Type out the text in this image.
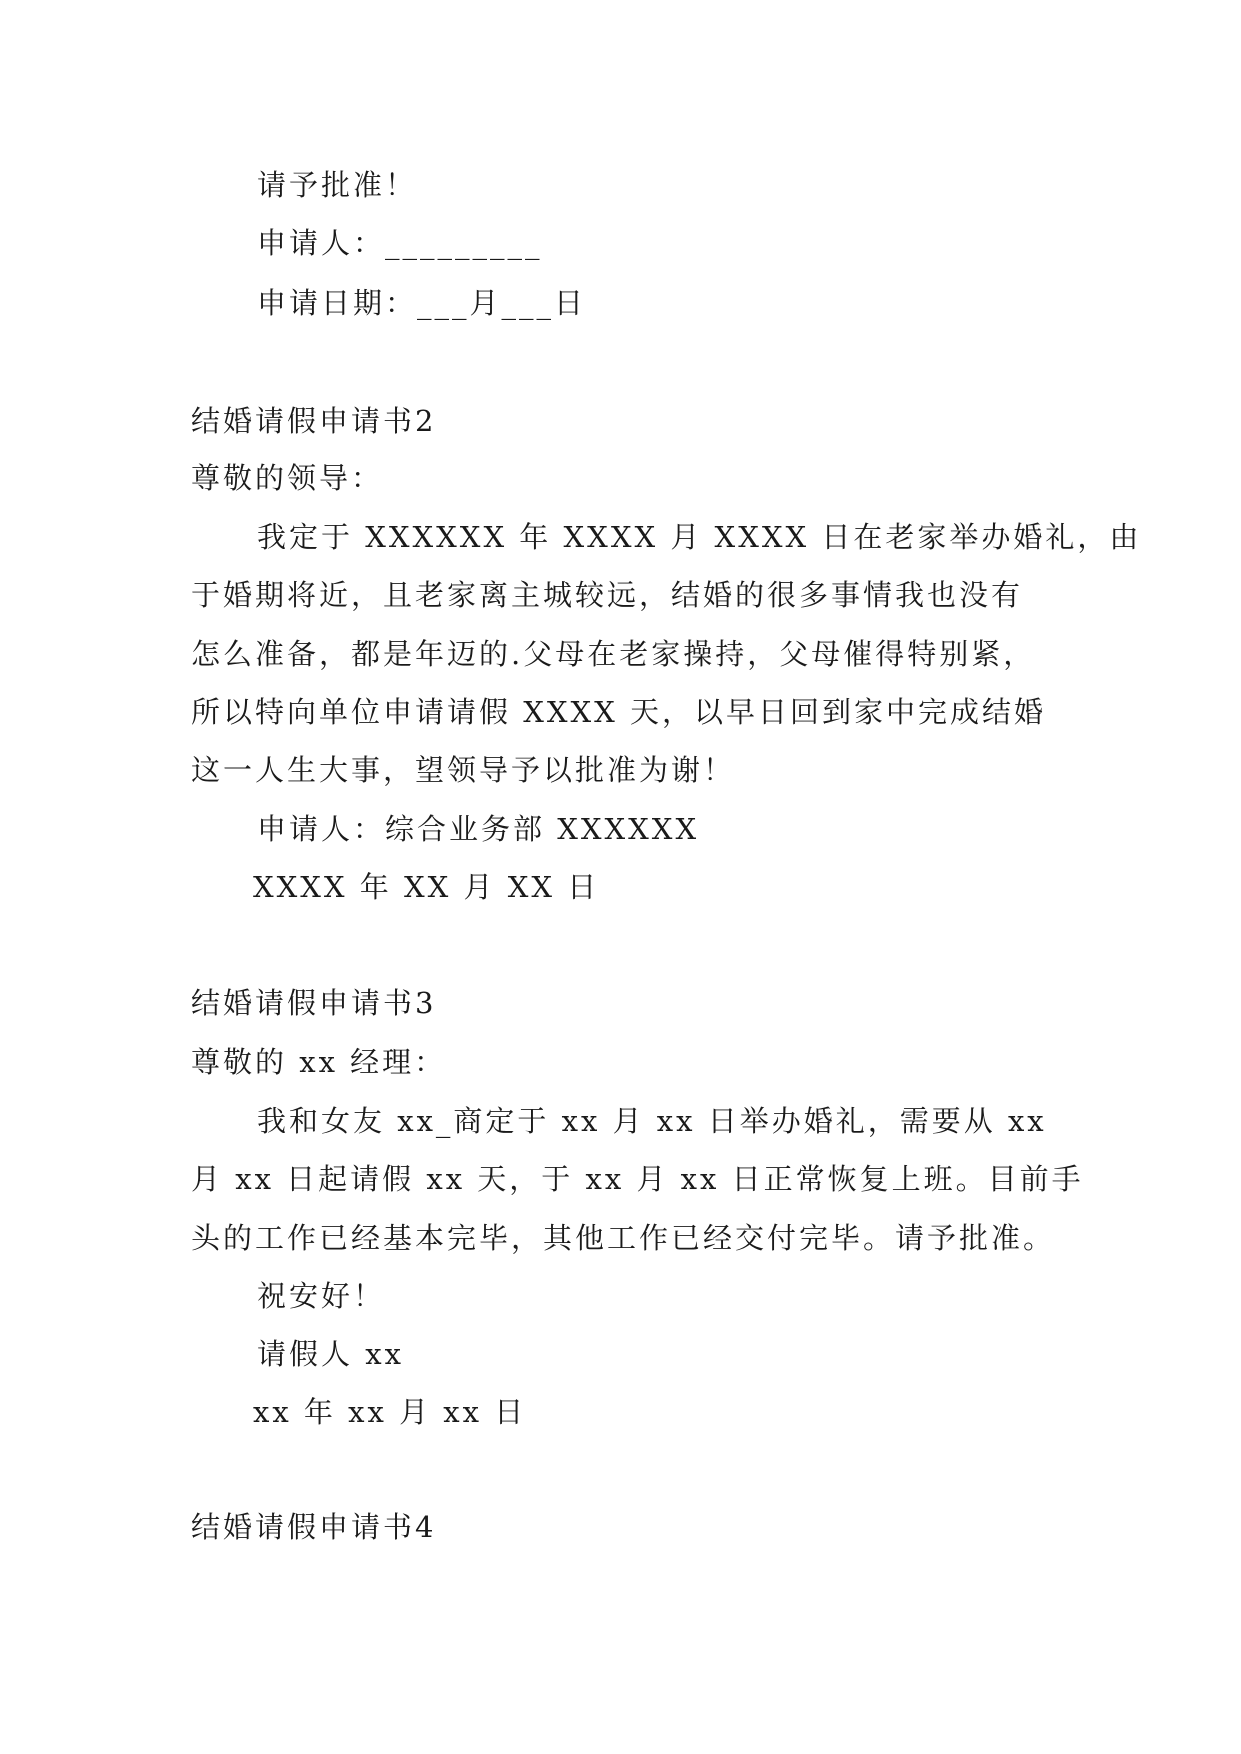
请予批准！
申请人：_________
申请日期：___月___日
结婚请假申请书2
尊敬的领导：
我定于 XXXXXX 年 XXXX 月 XXXX 日在老家举办婚礼，由
于婚期将近，且老家离主城较远，结婚的很多事情我也没有
怎么准备，都是年迈的.父母在老家操持，父母催得特别紧，
所以特向单位申请请假 XXXX 天，以早日回到家中完成结婚
这一人生大事，望领导予以批准为谢！
申请人：综合业务部 XXXXXX
XXXX 年 XX 月 XX 日
结婚请假申请书3
尊敬的 xx 经理：
我和女友 xx_商定于 xx 月 xx 日举办婚礼，需要从 xx
月 xx 日起请假 xx 天，于 xx 月 xx 日正常恢复上班。目前手
头的工作已经基本完毕，其他工作已经交付完毕。请予批准。
祝安好！
请假人 xx
xx 年 xx 月 xx 日
结婚请假申请书4
